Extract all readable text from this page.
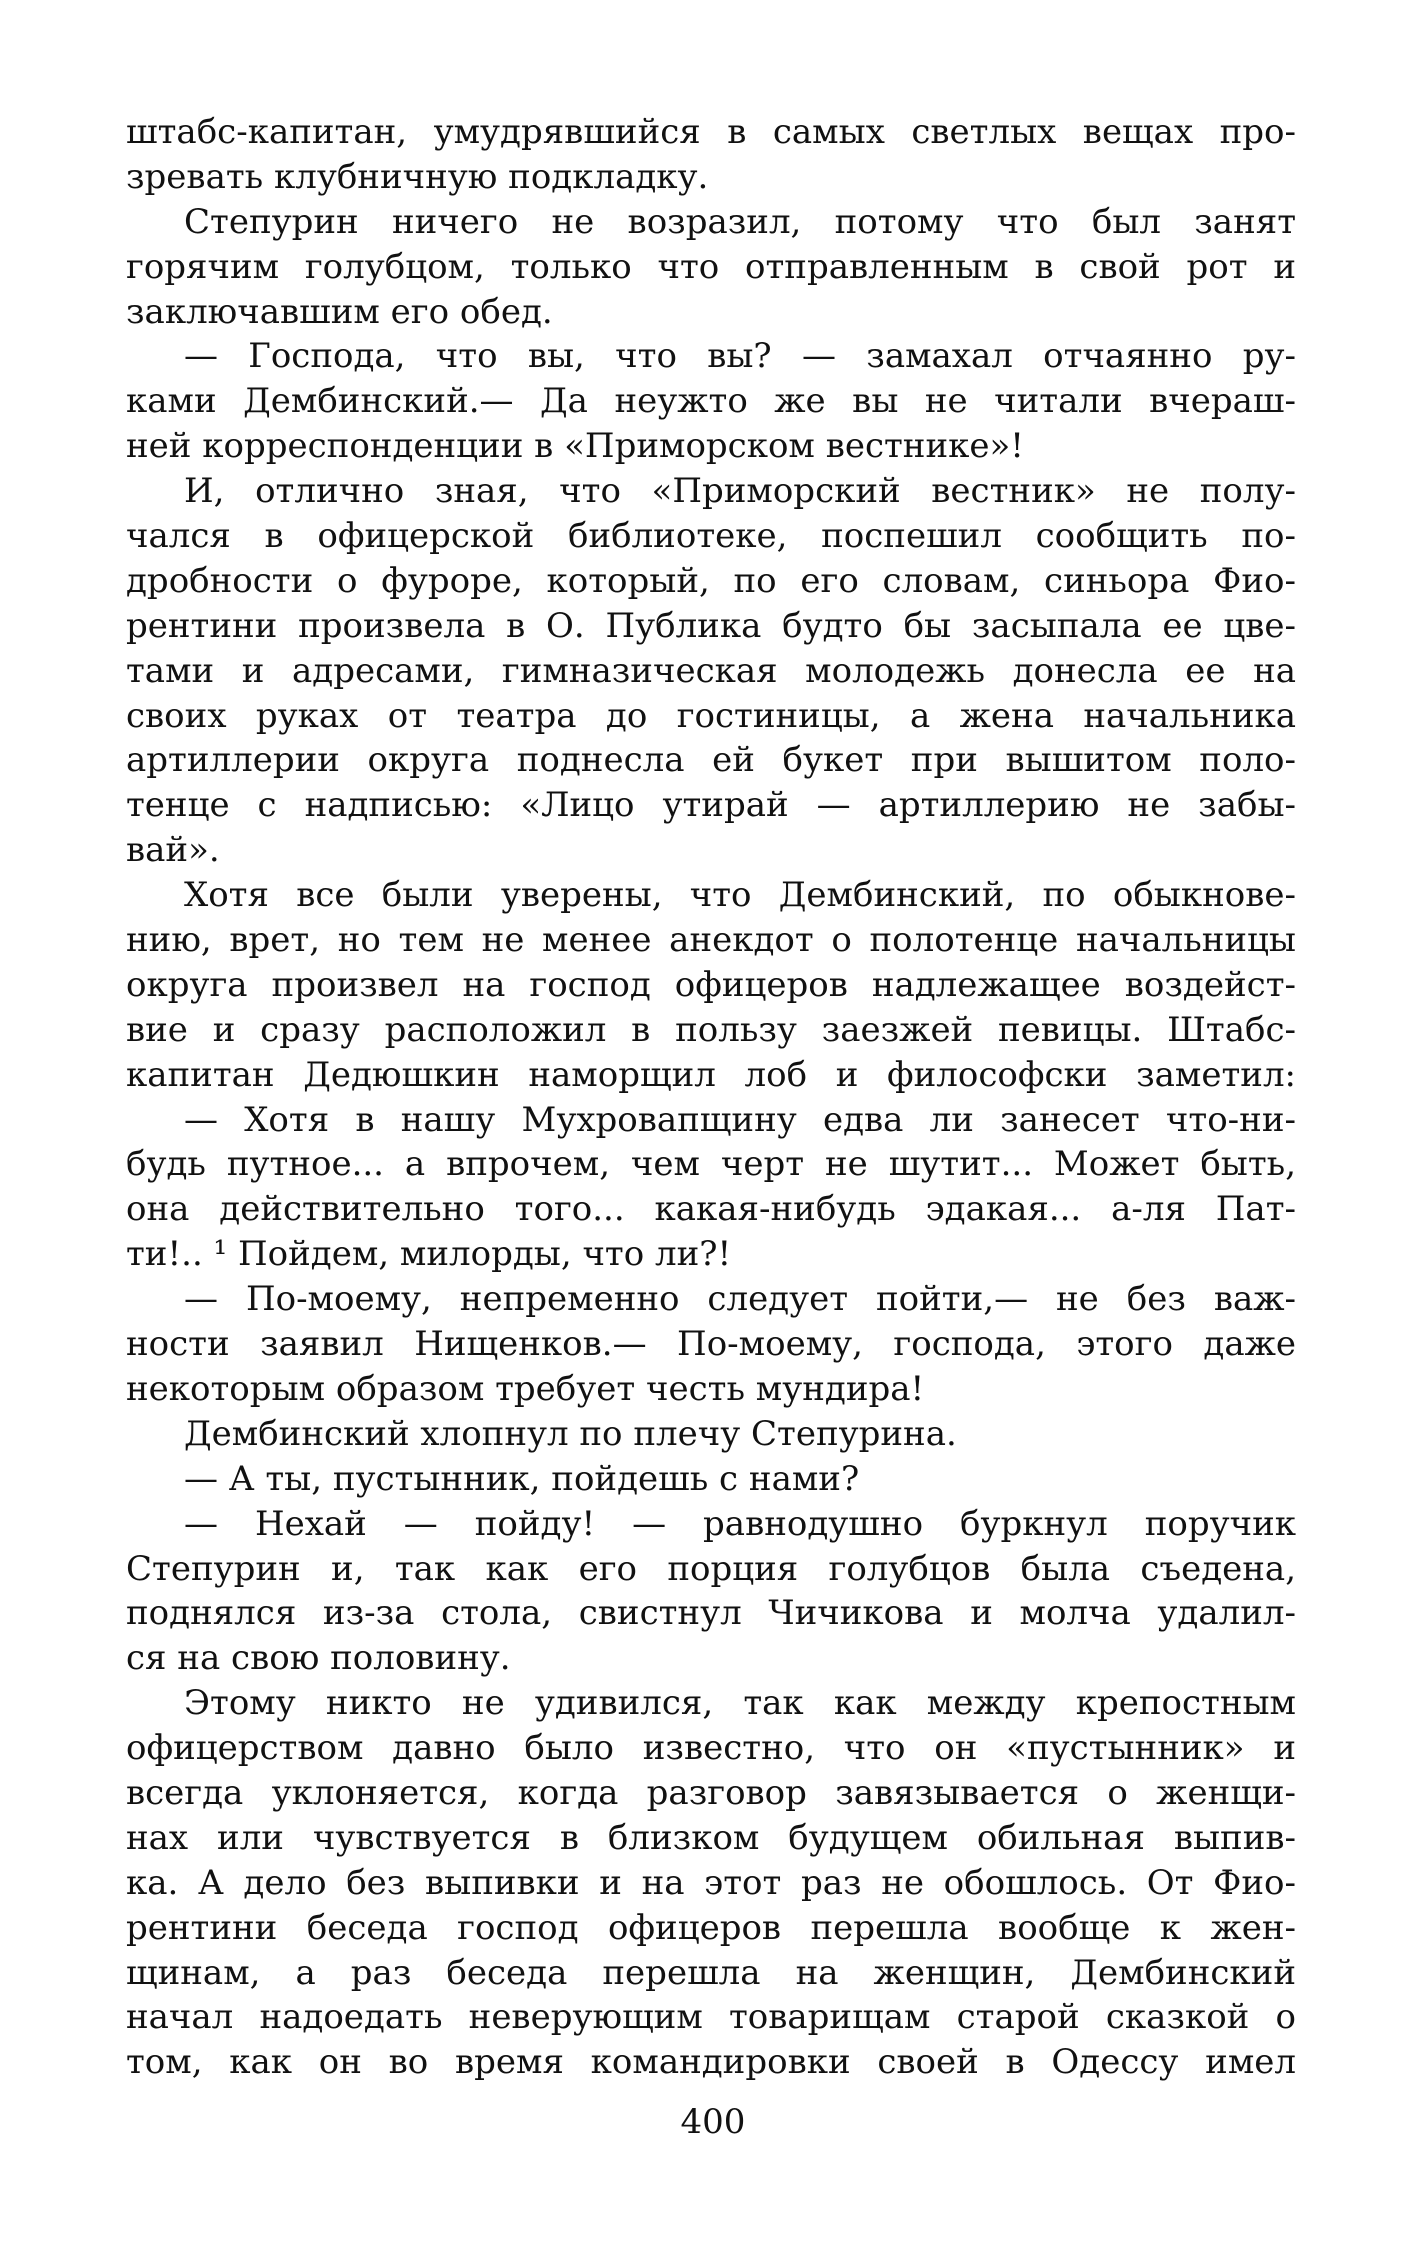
штабс-капитан, умудрявшийся в самых светлых вещах про-
зревать клубничную подкладку.
Степурин ничего не возразил, потому что был занят
горячим голубцом, только что отправленным в свой рот и
заключавшим его обед.
— Господа, что вы, что вы? — замахал отчаянно ру-
ками Дембинский.— Да неужто же вы не читали вчераш-
ней корреспонденции в «Приморском вестнике»!
И, отлично зная, что «Приморский вестник» не полу-
чался в офицерской библиотеке, поспешил сообщить по-
дробности о фуроре, который, по его словам, синьора Фио-
рентини произвела в О. Публика будто бы засыпала ее цве-
тами и адресами, гимназическая молодежь донесла ее на
своих руках от театра до гостиницы, а жена начальника
артиллерии округа поднесла ей букет при вышитом поло-
тенце с надписью: «Лицо утирай — артиллерию не забы-
вай».
Хотя все были уверены, что Дембинский, по обыкнове-
нию, врет, но тем не менее анекдот о полотенце начальницы
округа произвел на господ офицеров надлежащее воздейст-
вие и сразу расположил в пользу заезжей певицы. Штабс-
капитан Дедюшкин наморщил лоб и философски заметил:
— Хотя в нашу Мухровапщину едва ли занесет что-ни-
будь путное... а впрочем, чем черт не шутит... Может быть,
она действительно того... какая-нибудь эдакая... а-ля Пат-
ти!.. ¹ Пойдем, милорды, что ли?!
— По-моему, непременно следует пойти,— не без важ-
ности заявил Нищенков.— По-моему, господа, этого даже
некоторым образом требует честь мундира!
Дембинский хлопнул по плечу Степурина.
— А ты, пустынник, пойдешь с нами?
— Нехай — пойду! — равнодушно буркнул поручик
Степурин и, так как его порция голубцов была съедена,
поднялся из-за стола, свистнул Чичикова и молча удалил-
ся на свою половину.
Этому никто не удивился, так как между крепостным
офицерством давно было известно, что он «пустынник» и
всегда уклоняется, когда разговор завязывается о женщи-
нах или чувствуется в близком будущем обильная выпив-
ка. А дело без выпивки и на этот раз не обошлось. От Фио-
рентини беседа господ офицеров перешла вообще к жен-
щинам, а раз беседа перешла на женщин, Дембинский
начал надоедать неверующим товарищам старой сказкой о
том, как он во время командировки своей в Одессу имел
400
